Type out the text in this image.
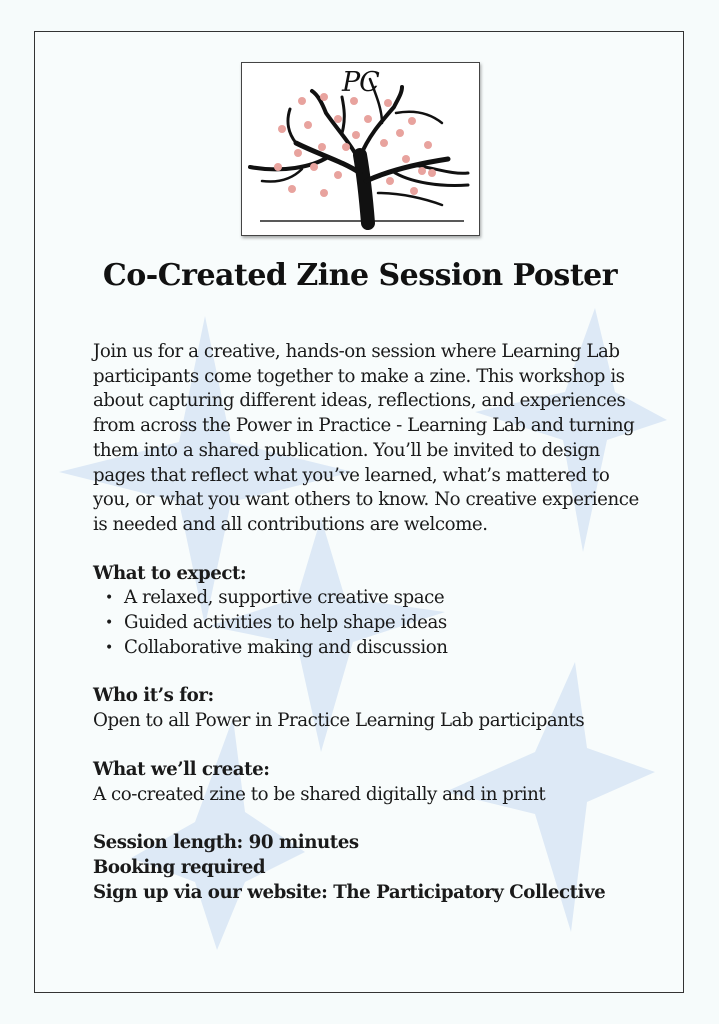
PC
Co-Created Zine Session Poster

Join us for a creative, hands-on session where Learning Lab participants come together to make a zine. This workshop is about capturing different ideas, reflections, and experiences from across the Power in Practice - Learning Lab and turning them into a shared publication. You’ll be invited to design pages that reflect what you’ve learned, what’s mattered to you, or what you want others to know. No creative experience is needed and all contributions are welcome.

What to expect:

• A relaxed, supportive creative space
• Guided activities to help shape ideas
• Collaborative making and discussion

Who it’s for:

Open to all Power in Practice Learning Lab participants

What we’ll create:

A co-created zine to be shared digitally and in print

Session length: 90 minutes

Booking required

Sign up via our website: The Participatory Collective
